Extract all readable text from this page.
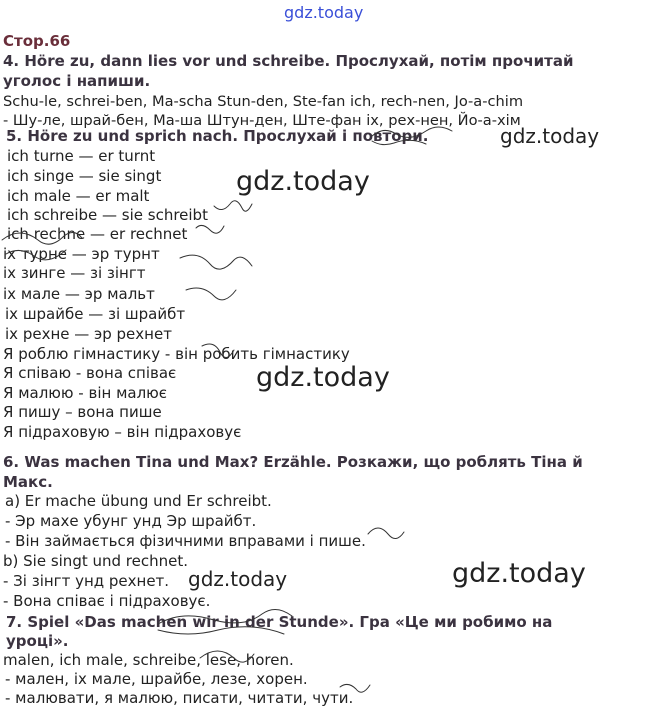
gdz.today
Стор.66
4. Höre zu, dann lies vor und schreibe. Прослухай, потім прочитай
уголос і напиши.
Schu-le, schrei-ben, Ma-scha Stun-den, Ste-fan ich, rech-nen, Jo-a-chim
- Шу-ле, шрай-бен, Ма-ша Штун-ден, Ште-фан іх, рех-нен, Йо-а-хім
5. Höre zu und sprich nach. Прослухай і повтори.
ich turne — er turnt
ich singe — sie singt
ich male — er malt
ich schreibe — sie schreibt
ich rechne — er rechnet
іх турне — эр турнт
іх зинге — зі зінгт
іх мале — эр мальт
іх шрайбе — зі шрайбт
іх рехне — эр рехнет
Я роблю гімнастику - він робить гімнастику
Я співаю - вона співає
Я малюю - він малює
Я пишу – вона пише
Я підраховую – він підраховує
6. Was machen Tina und Max? Erzähle. Розкажи, що роблять Тіна й
Макс.
a) Er mache übung und Er schreibt.
- Эр махе убунг унд Эр шрайбт.
- Він займається фізичними вправами і пише.
b) Sie singt und rechnet.
- Зі зінгт унд рехнет.
- Вона співає і підраховує.
7. Spiel «Das machen wir in der Stunde». Гра «Це ми робимо на
уроці».
malen, ich male, schreibe, lese, horen.
- мален, іх мале, шрайбе, лезе, хорен.
- малювати, я малюю, писати, читати, чути.
gdz.today
gdz.today
gdz.today
gdz.today	gdz.today
